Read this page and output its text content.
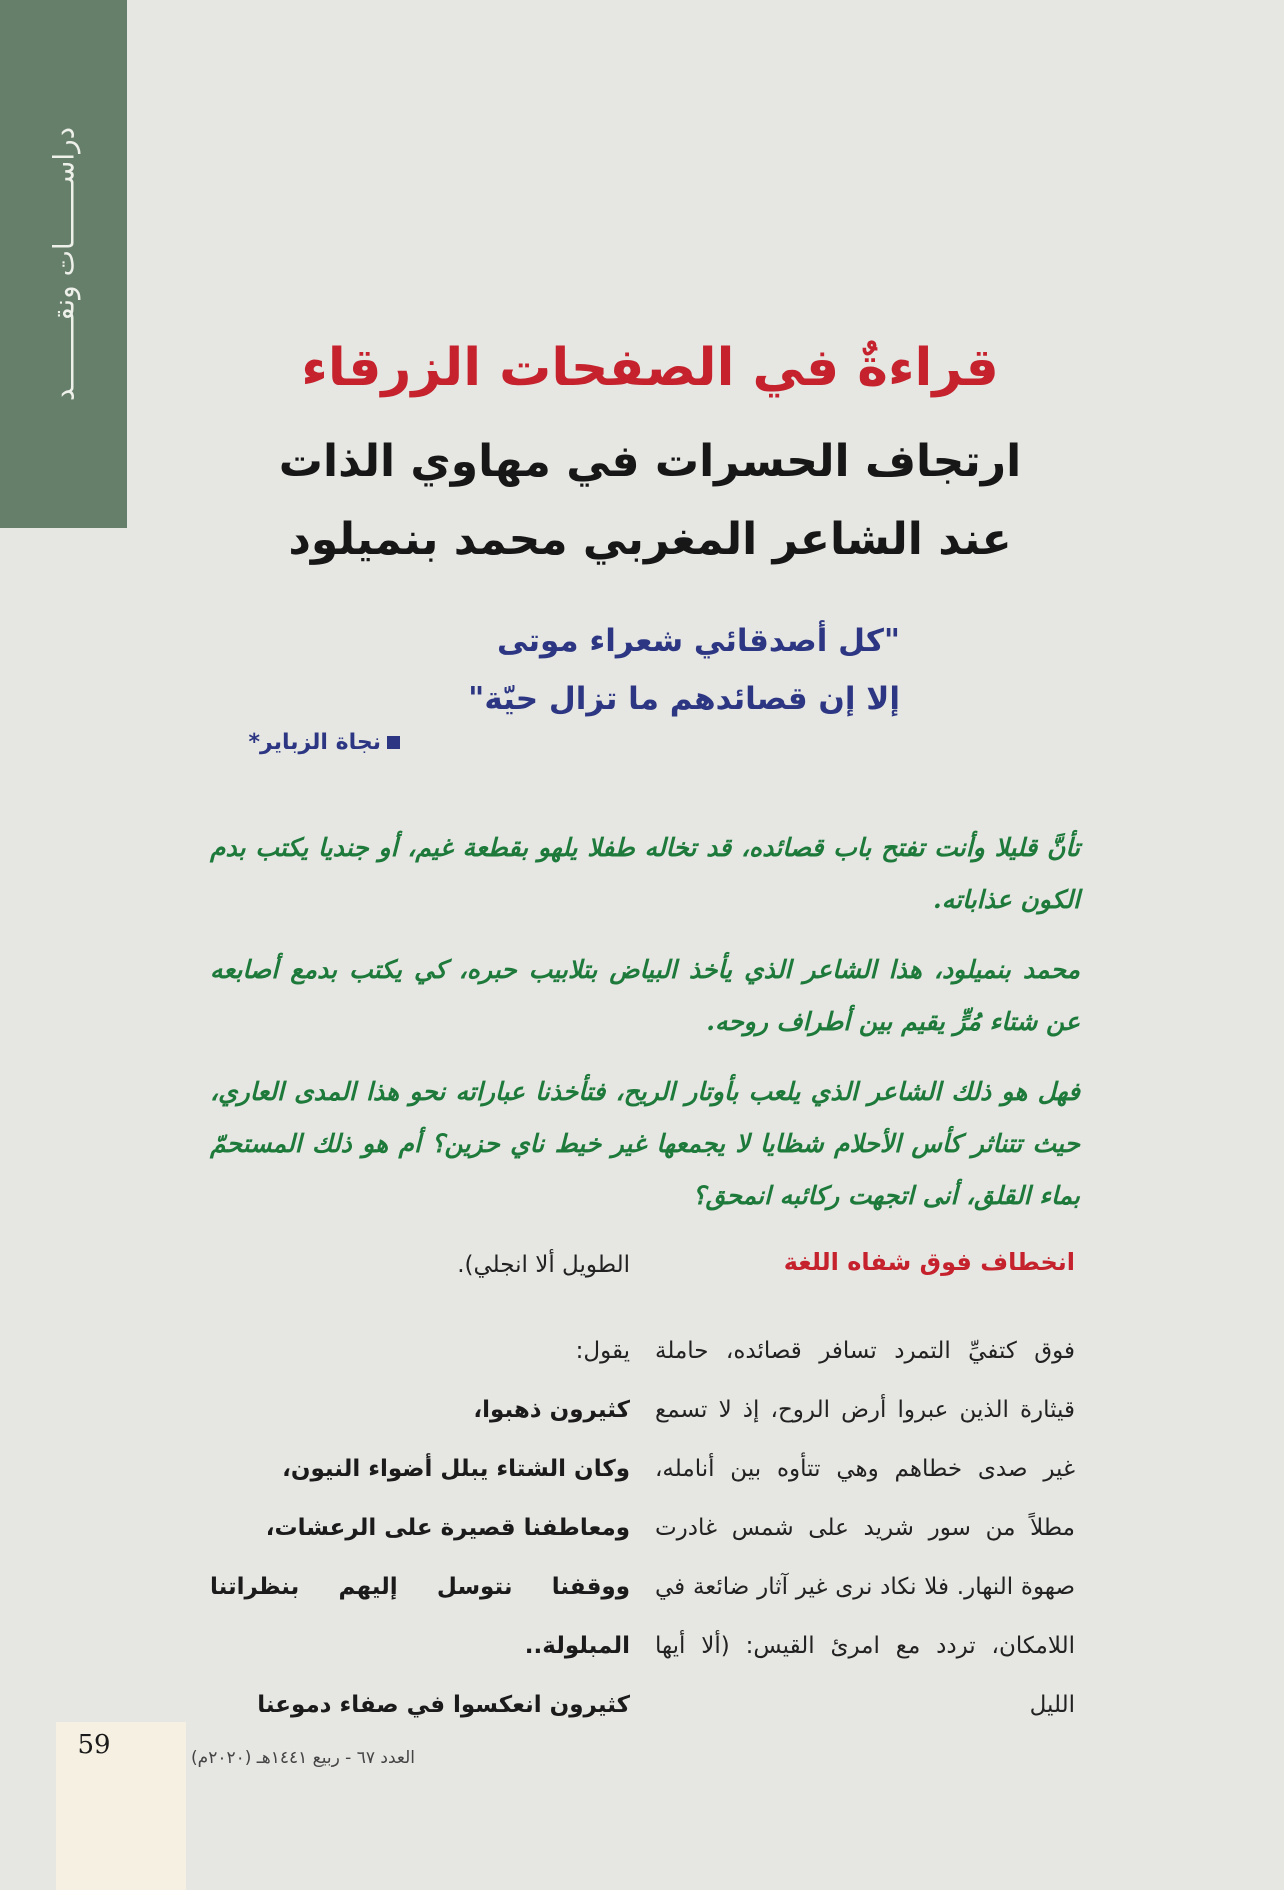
دراســـــــات ونقــــــــد	قراءةٌ في الصفحات الزرقاء
ارتجاف الحسرات في مهاوي الذات
عند الشاعر المغربي محمد بنميلود
"كل أصدقائي شعراء موتى
إلا إن قصائدهم ما تزال حيّة"
نجاة الزباير*
تأنَّ قليلا وأنت تفتح باب قصائده، قد تخاله طفلا يلهو بقطعة غيم، أو جنديا يكتب بدم الكون عذاباته.
محمد بنميلود، هذا الشاعر الذي يأخذ البياض بتلابيب حبره، كي يكتب بدمع أصابعه عن شتاء مُرٍّ يقيم بين أطراف روحه.
فهل هو ذلك الشاعر الذي يلعب بأوتار الريح، فتأخذنا عباراته نحو هذا المدى العاري، حيث تتناثر كأس الأحلام شظايا لا يجمعها غير خيط ناي حزين؟ أم هو ذلك المستحمّ بماء القلق، أنى اتجهت ركائبه انمحق؟
انخطاف فوق شفاه اللغة
فوق كتفيِّ التمرد تسافر قصائده، حاملة قيثارة الذين عبروا أرض الروح، إذ لا تسمع غير صدى خطاهم وهي تتأوه بين أنامله، مطلاً من سور شريد على شمس غادرت صهوة النهار. فلا نكاد نرى غير آثار ضائعة في اللامكان، تردد مع امرئ القيس: (ألا أيها الليل
الطويل ألا انجلي).
يقول:

كثيرون ذهبوا،

وكان الشتاء يبلل أضواء النيون،

ومعاطفنا قصيرة على الرعشات،

ووقفنا نتوسل إليهم بنظراتنا المبلولة..

كثيرون انعكسوا في صفاء دموعنا

59	العدد ٦٧ - ربيع ١٤٤١هـ (٢٠٢٠م)
